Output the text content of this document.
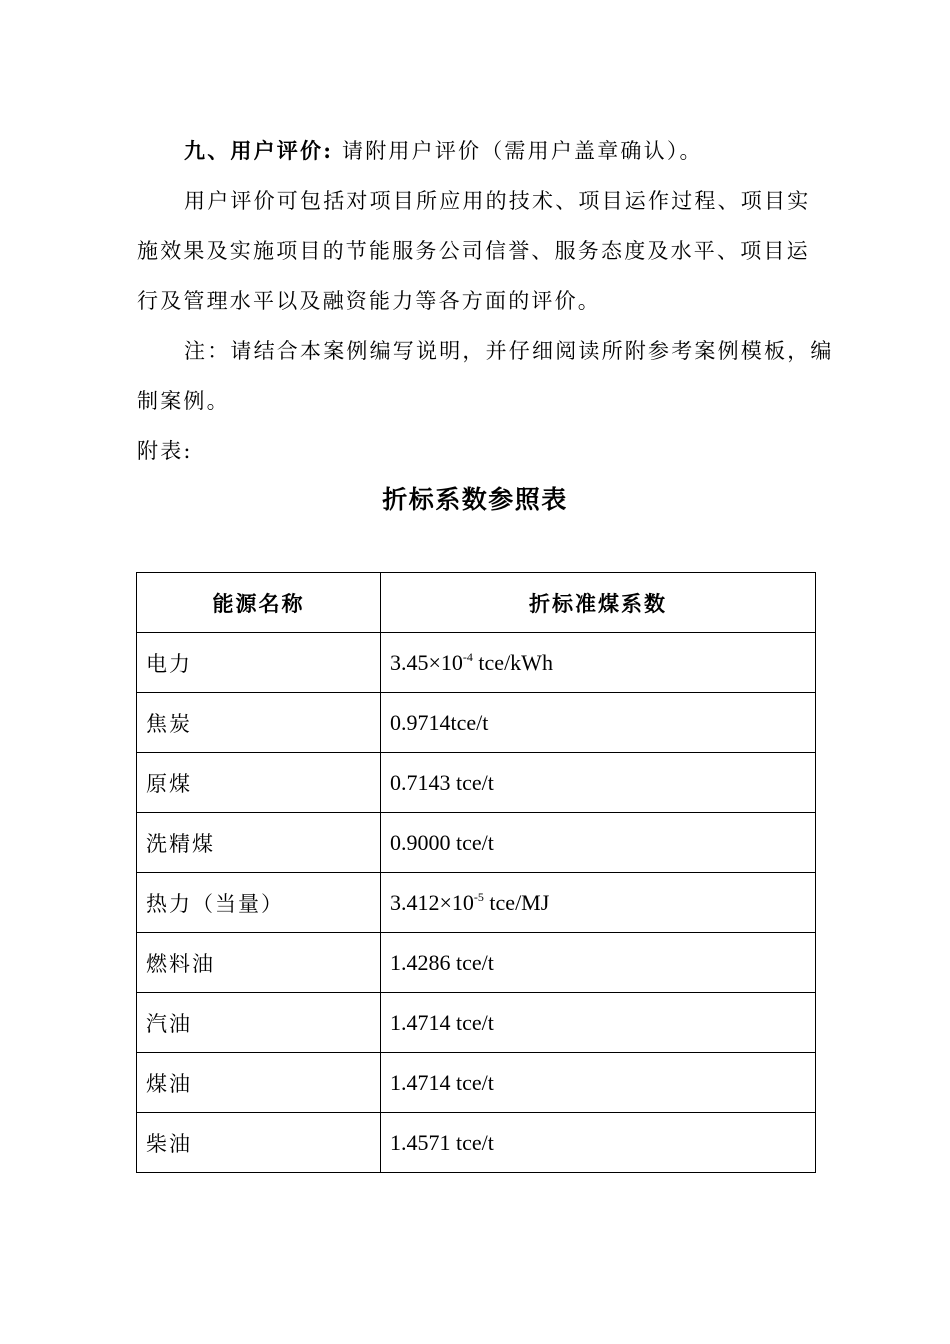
九、用户评价: 请附用户评价（需用户盖章确认）。
用户评价可包括对项目所应用的技术、项目运作过程、项目实施效果及实施项目的节能服务公司信誉、服务态度及水平、项目运行及管理水平以及融资能力等各方面的评价。
注：请结合本案例编写说明，并仔细阅读所附参考案例模板，编制案例。
附表:
折标系数参照表
能源名称	折标准煤系数
电力	$3.45\times 10^{-4}$ tce/kWh
焦炭	0.9714tce/t
原煤	0.7143 tce/t
洗精煤	0.9000 tce/t
热力（当量）	$3.412\times 10^{-5}$ tce/MJ
燃料油	1.4286 tce/t
汽油	1.4714 tce/t
煤油	1.4714 tce/t
柴油	1.4571 tce/t
